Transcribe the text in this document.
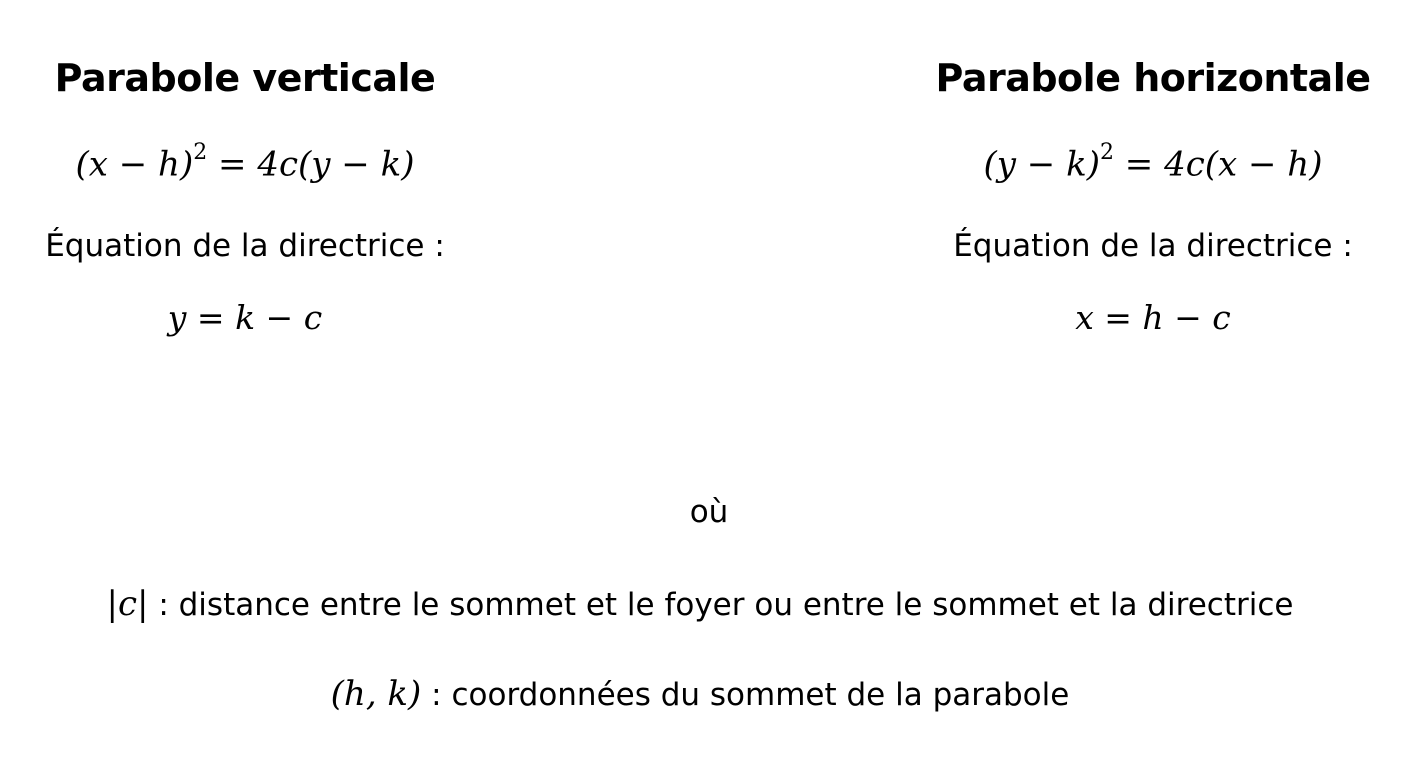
Parabole verticale
$(x - h)^2 = 4c(y - k)$
Équation de la directrice :
y = k − c
Parabole horizontale
$(y - k)^2 = 4c(x - h)$
Équation de la directrice :
x = h − c
où
|c| : distance entre le sommet et le foyer ou entre le sommet et la directrice
(h, k) : coordonnées du sommet de la parabole
